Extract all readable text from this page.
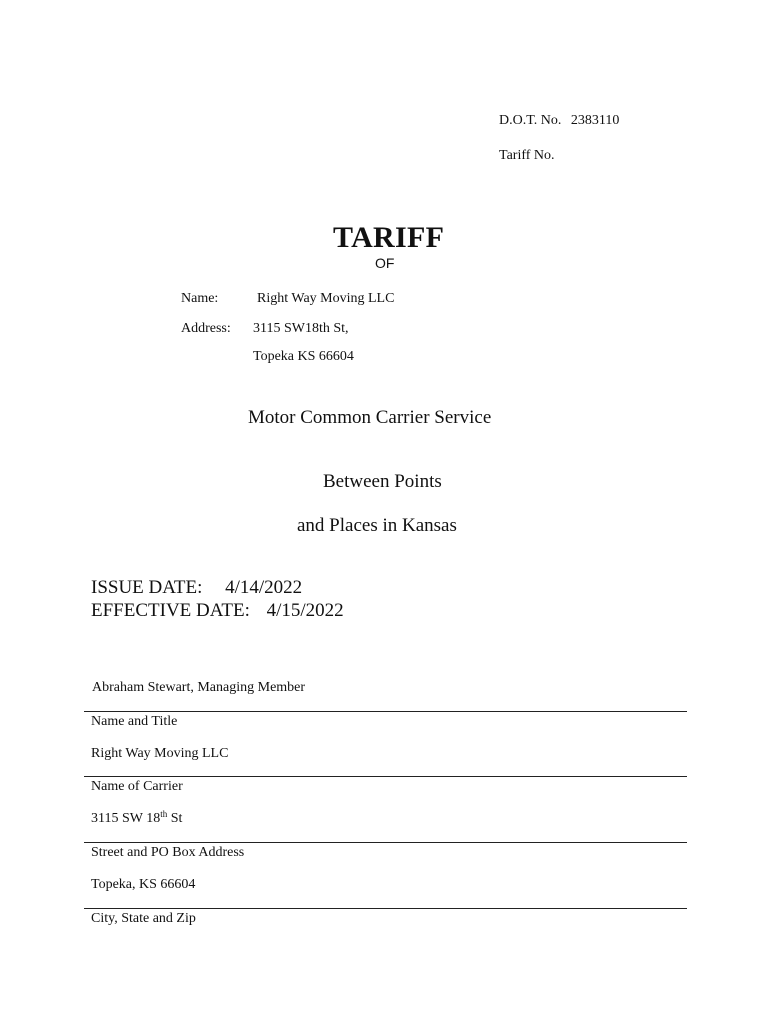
D.O.T. No. 2383110
Tariff No.
TARIFF
OF
Name:	Right Way Moving LLC
Address: 3115 SW18th St,
Topeka KS 66604
Motor Common Carrier Service
Between Points
and Places in Kansas
ISSUE DATE: 4/14/2022
EFFECTIVE DATE: 4/15/2022
Abraham Stewart, Managing Member
Name and Title
Right Way Moving LLC
Name of Carrier
3115 SW 18th St
Street and PO Box Address
Topeka, KS 66604
City, State and Zip
